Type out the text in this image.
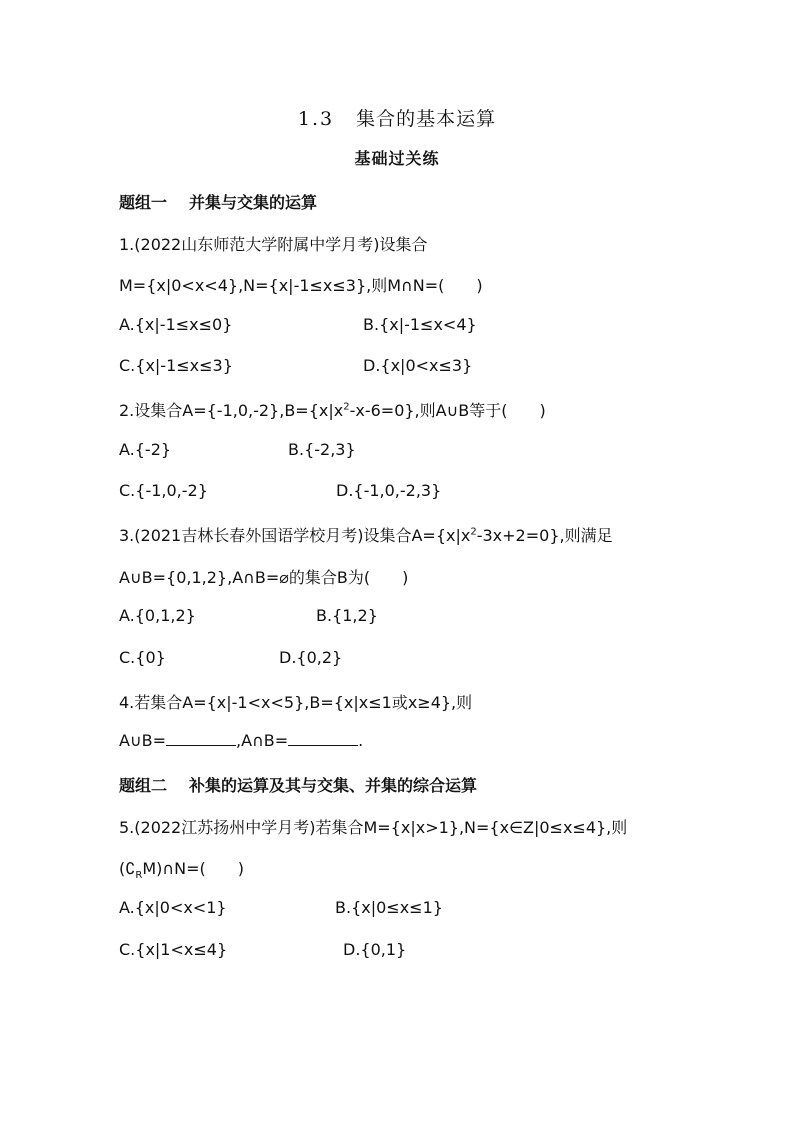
1.3 集合的基本运算
基础过关练
题组一 并集与交集的运算
1.(2022山东师范大学附属中学月考)设集合
M={x|0<x<4},N={x|-1≤x≤3},则M∩N=(　　)
A.{x|-1≤x≤0}	B.{x|-1≤x<4}
C.{x|-1≤x≤3}	D.{x|0<x≤3}
2.设集合$A=\{-1,0,-2\},B=\{x|x^2-x-6=0\}$,则A∪B等于(　　)
A.{-2}	B.{-2,3}
C.{-1,0,-2}	D.{-1,0,-2,3}
3.(2021吉林长春外国语学校月考)设集合$A=\{x|x^2-3x+2=0\}$,则满足
A∪B={0,1,2},A∩B=⌀的集合B为(　　)
A.{0,1,2}	B.{1,2}
C.{0}	D.{0,2}
4.若集合A={x|-1<x<5},B={x|x≤1或x≥4},则
A∪B=	,A∩B=	.
题组二 补集的运算及其与交集、并集的综合运算
5.(2022江苏扬州中学月考)若集合M={x|x>1},N={x∈Z|0≤x≤4},则
$(∁_RM)\cap N=$(　　)
A.{x|0<x<1}	B.{x|0≤x≤1}
C.{x|1<x≤4}	D.{0,1}
